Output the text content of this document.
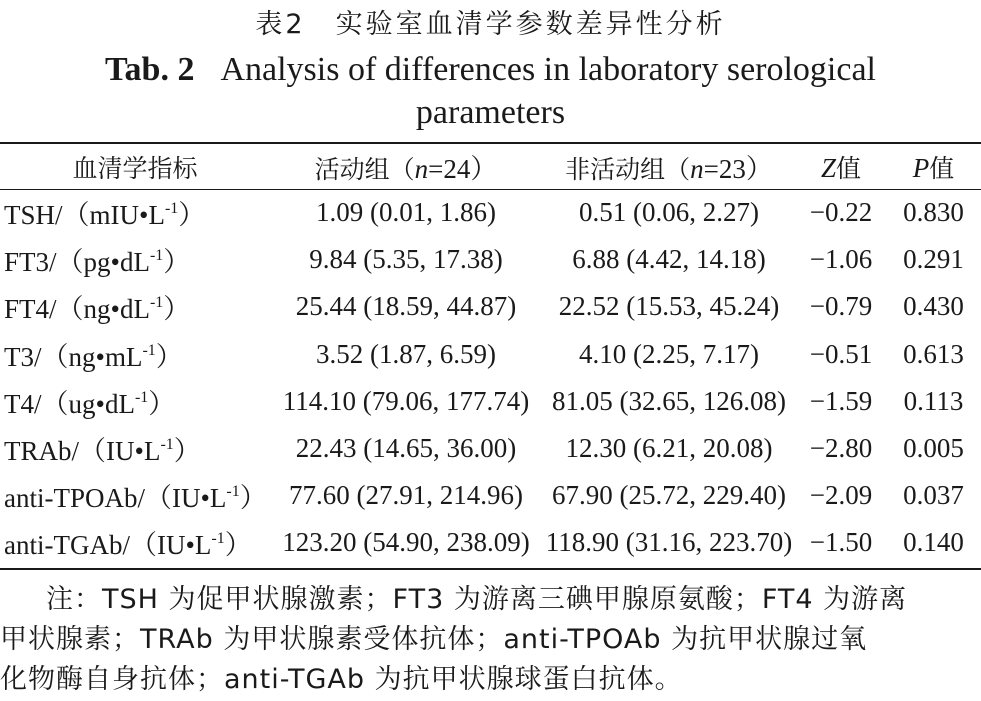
表2 实验室血清学参数差异性分析
Tab. 2 Analysis of differences in laboratory serological
parameters
血清学指标	活动组（n=24）	非活动组（n=23）	Z值	P值
TSH/$(mIU•L^{-1})$	1.09 (0.01, 1.86)	0.51 (0.06, 2.27)	−0.22	0.830
$FT3/(pg•dL^{-1})$	9.84 (5.35, 17.38)	6.88 (4.42, 14.18)	−1.06	0.291
$FT4/(ng•dL^{-1})$	25.44 (18.59, 44.87)	22.52 (15.53, 45.24)	−0.79	0.430
$T3/(ng•mL^{-1})$	3.52 (1.87, 6.59)	4.10 (2.25, 7.17)	−0.51	0.613
$T4/(ug•dL^{-1})$	114.10 (79.06, 177.74)	81.05 (32.65, 126.08)	−1.59	0.113
TRAb/$(IU•L^{-1})$	22.43 (14.65, 36.00)	12.30 (6.21, 20.08)	−2.80	0.005
anti-$TPOAb/(IU•L^{-1})$	77.60 (27.91, 214.96)	67.90 (25.72, 229.40)	−2.09	0.037
anti-$TGAb/(IU•L^{-1})$	123.20 (54.90, 238.09)	118.90 (31.16, 223.70)	−1.50	0.140

注：TSH 为促甲状腺激素；FT3 为游离三碘甲腺原氨酸；FT4 为游离

甲状腺素；TRAb 为甲状腺素受体抗体；anti-TPOAb 为抗甲状腺过氧

化物酶自身抗体；anti-TGAb 为抗甲状腺球蛋白抗体。
